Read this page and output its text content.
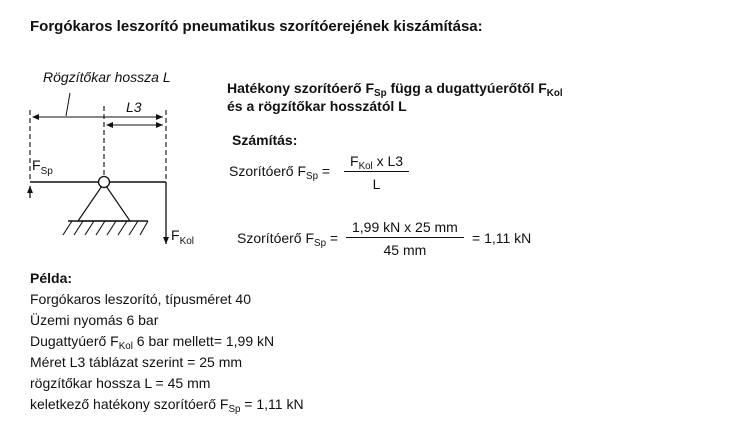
Forgókaros leszorító pneumatikus szorítóerejének kiszámítása:
Rögzítőkar hossza L
L3
$F_{Sp}$
$F_{Kol}$
Hatékony szorítóerő $F_{Sp}$ függ a dugattyúerőtől $F_{Kol}$
és a rögzítőkar hosszától L
Számítás:
Szorítóerő $F_{Sp}$ =
$F_{Kol}$ x L3
L
Szorítóerő $F_{Sp}$ =
1,99 kN x 25 mm
45 mm
= 1,11 kN
Példa:
Forgókaros leszorító, típusméret 40
Üzemi nyomás 6 bar
Dugattyúerő $F_{Kol}$ 6 bar mellett= 1,99 kN
Méret L3 táblázat szerint = 25 mm
rögzítőkar hossza L = 45 mm
keletkező hatékony szorítóerő $F_{Sp} = 1,11$ kN
